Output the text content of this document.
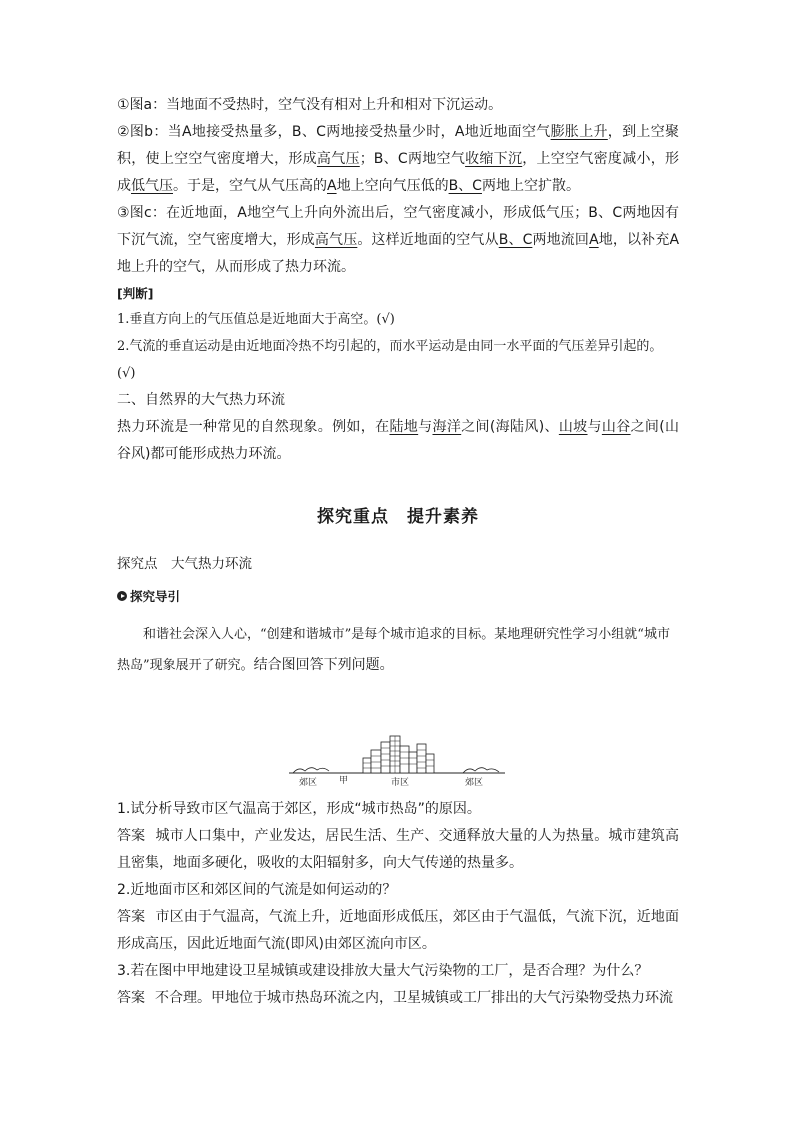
①图a：当地面不受热时，空气没有相对上升和相对下沉运动。

②图b：当A地接受热量多，B、C两地接受热量少时，A地近地面空气膨胀上升，到上空聚积，使上空空气密度增大，形成高气压；B、C两地空气收缩下沉，上空空气密度减小，形成低气压。于是，空气从气压高的A地上空向气压低的B、C两地上空扩散。

③图c：在近地面，A地空气上升向外流出后，空气密度减小，形成低气压；B、C两地因有下沉气流，空气密度增大，形成高气压。这样近地面的空气从B、C两地流回A地，以补充A地上升的空气，从而形成了热力环流。

[判断]

1.垂直方向上的气压值总是近地面大于高空。(√)

2.气流的垂直运动是由近地面冷热不均引起的，而水平运动是由同一水平面的气压差异引起的。(√)

二、自然界的大气热力环流

热力环流是一种常见的自然现象。例如，在陆地与海洋之间(海陆风)、山坡与山谷之间(山谷风)都可能形成热力环流。

探究重点　提升素养

探究点　大气热力环流

探究导引

和谐社会深入人心，“创建和谐城市”是每个城市追求的目标。某地理研究性学习小组就“城市热岛”现象展开了研究。结合图回答下列问题。

郊区 甲	市区	郊区

1.试分析导致市区气温高于郊区，形成“城市热岛”的原因。

答案 城市人口集中，产业发达，居民生活、生产、交通释放大量的人为热量。城市建筑高且密集，地面多硬化，吸收的太阳辐射多，向大气传递的热量多。

2.近地面市区和郊区间的气流是如何运动的？

答案 市区由于气温高，气流上升，近地面形成低压，郊区由于气温低，气流下沉，近地面形成高压，因此近地面气流(即风)由郊区流向市区。

3.若在图中甲地建设卫星城镇或建设排放大量大气污染物的工厂，是否合理？为什么？

答案 不合理。甲地位于城市热岛环流之内，卫星城镇或工厂排出的大气污染物受热力环流
